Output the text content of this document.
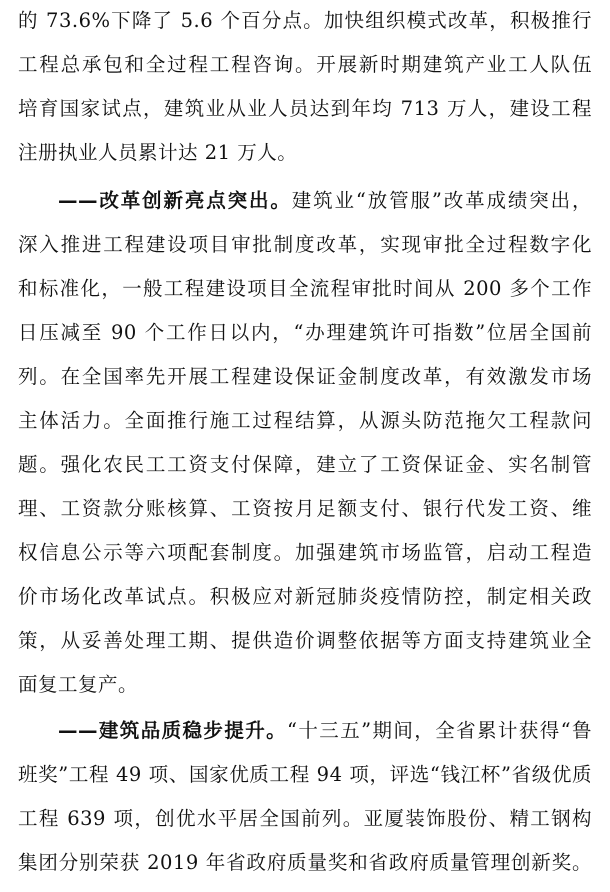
的 73.6%下降了 5.6 个百分点。加快组织模式改革，积极推行
工程总承包和全过程工程咨询。开展新时期建筑产业工人队伍
培育国家试点，建筑业从业人员达到年均 713 万人，建设工程
注册执业人员累计达 21 万人。
——改革创新亮点突出。建筑业“放管服”改革成绩突出，
深入推进工程建设项目审批制度改革，实现审批全过程数字化
和标准化，一般工程建设项目全流程审批时间从 200 多个工作
日压减至 90 个工作日以内，“办理建筑许可指数”位居全国前
列。在全国率先开展工程建设保证金制度改革，有效激发市场
主体活力。全面推行施工过程结算，从源头防范拖欠工程款问
题。强化农民工工资支付保障，建立了工资保证金、实名制管
理、工资款分账核算、工资按月足额支付、银行代发工资、维
权信息公示等六项配套制度。加强建筑市场监管，启动工程造
价市场化改革试点。积极应对新冠肺炎疫情防控，制定相关政
策，从妥善处理工期、提供造价调整依据等方面支持建筑业全
面复工复产。
——建筑品质稳步提升。“十三五”期间，全省累计获得“鲁
班奖”工程 49 项、国家优质工程 94 项，评选“钱江杯”省级优质
工程 639 项，创优水平居全国前列。亚厦装饰股份、精工钢构
集团分别荣获 2019 年省政府质量奖和省政府质量管理创新奖。
